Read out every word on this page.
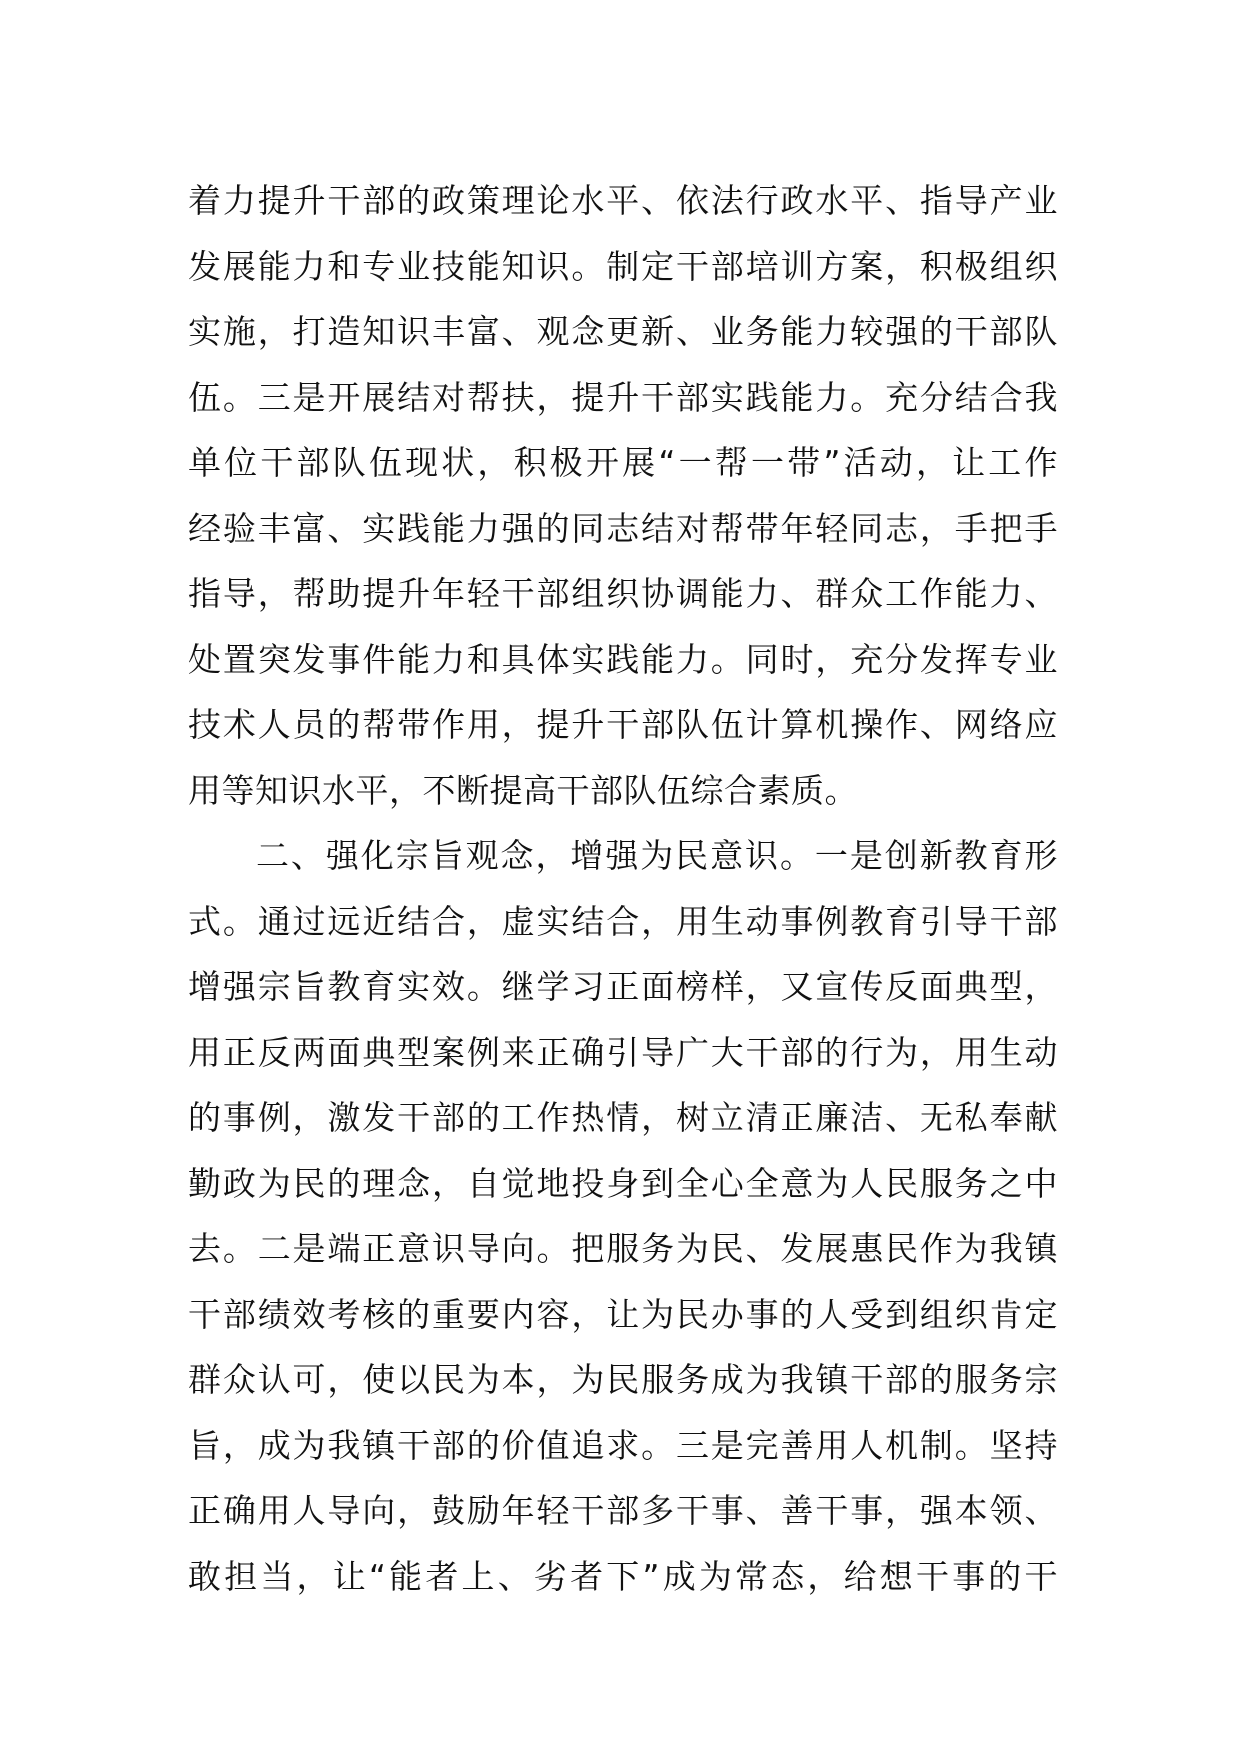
着力提升干部的政策理论水平、依法行政水平、指导产业
发展能力和专业技能知识。制定干部培训方案，积极组织
实施，打造知识丰富、观念更新、业务能力较强的干部队
伍。三是开展结对帮扶，提升干部实践能力。充分结合我
单位干部队伍现状，积极开展“一帮一带”活动，让工作
经验丰富、实践能力强的同志结对帮带年轻同志，手把手
指导，帮助提升年轻干部组织协调能力、群众工作能力、
处置突发事件能力和具体实践能力。同时，充分发挥专业
技术人员的帮带作用，提升干部队伍计算机操作、网络应
用等知识水平，不断提高干部队伍综合素质。
二、强化宗旨观念，增强为民意识。一是创新教育形
式。通过远近结合，虚实结合，用生动事例教育引导干部
增强宗旨教育实效。继学习正面榜样，又宣传反面典型，
用正反两面典型案例来正确引导广大干部的行为，用生动
的事例，激发干部的工作热情，树立清正廉洁、无私奉献
勤政为民的理念，自觉地投身到全心全意为人民服务之中
去。二是端正意识导向。把服务为民、发展惠民作为我镇
干部绩效考核的重要内容，让为民办事的人受到组织肯定
群众认可，使以民为本，为民服务成为我镇干部的服务宗
旨，成为我镇干部的价值追求。三是完善用人机制。坚持
正确用人导向，鼓励年轻干部多干事、善干事，强本领、
敢担当，让“能者上、劣者下”成为常态，给想干事的干
